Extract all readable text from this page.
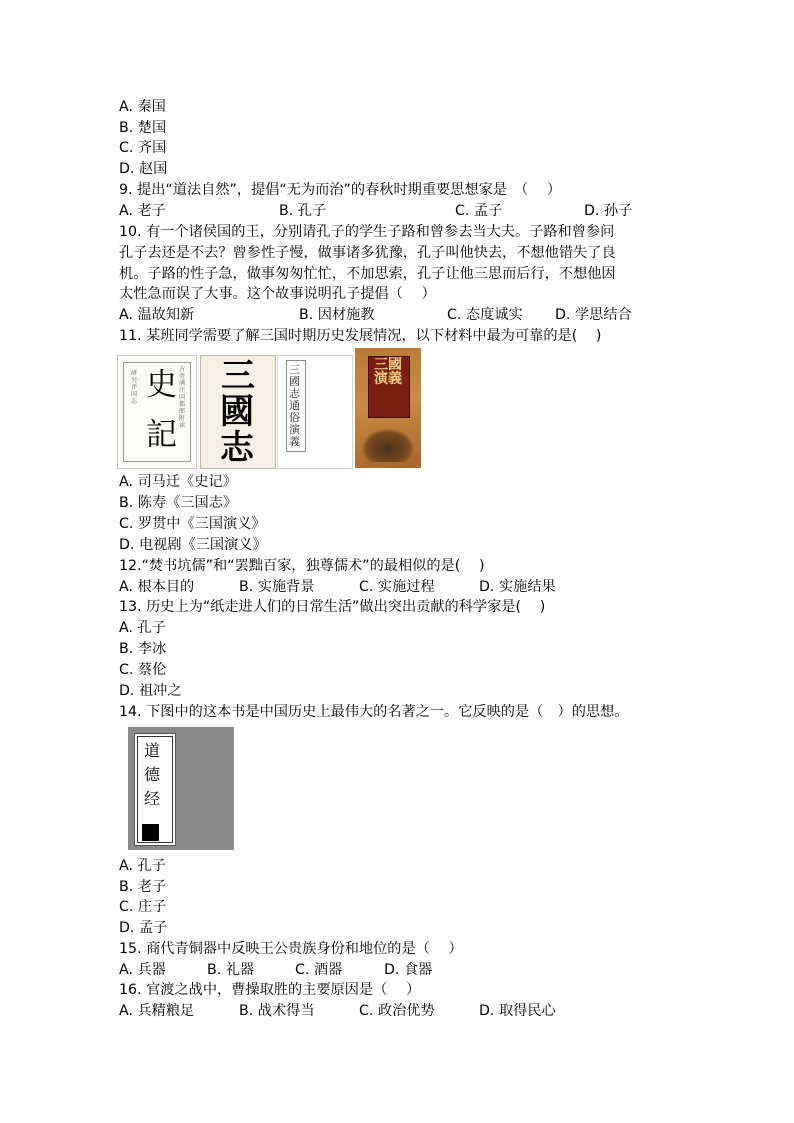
A. 秦国
B. 楚国
C. 齐国
D. 赵国
9. 提出“道法自然”，提倡“无为而治”的春秋时期重要思想家是　（　 ）
A. 老子	B. 孔子	C. 孟子	D. 孙子
10. 有一个诸侯国的王，分别请孔子的学生子路和曾参去当大夫。子路和曾参问
孔子去还是不去？曾参性子慢，做事诸多犹豫，孔子叫他快去，不想他错失了良
机。子路的性子急，做事匆匆忙忙，不加思索，孔子让他三思而后行，不想他因
太性急而误了大事。这个故事说明孔子提倡（　 ）
A. 温故知新	B. 因材施教	C. 态度诚实 D. 学思结合
11. 某班同学需要了解三国时期历史发展情况，以下材料中最为可靠的是(　 )
史
記
研究·评国志
方旁满注国都郎 附读
三
國
志
三國志通俗演義
三國演義
A. 司马迁《史记》
B. 陈寿《三国志》
C. 罗贯中《三国演义》
D. 电视剧《三国演义》
12.“焚书坑儒”和“罢黜百家，独尊儒术”的最相似的是(　 )
A. 根本目的	B. 实施背景	C. 实施过程	D. 实施结果
13. 历史上为“纸走进人们的日常生活”做出突出贡献的科学家是(　 )
A. 孔子
B. 李冰
C. 蔡伦
D. 祖冲之
14. 下图中的这本书是中国历史上最伟大的名著之一。它反映的是（　）的思想。
道
德
经
A. 孔子
B. 老子
C. 庄子
D. 孟子
15. 商代青铜器中反映王公贵族身份和地位的是（　 ）
A. 兵器	B. 礼器	C. 酒器	D. 食器
16. 官渡之战中，曹操取胜的主要原因是（　 ）
A. 兵精粮足	B. 战术得当	C. 政治优势	D. 取得民心
